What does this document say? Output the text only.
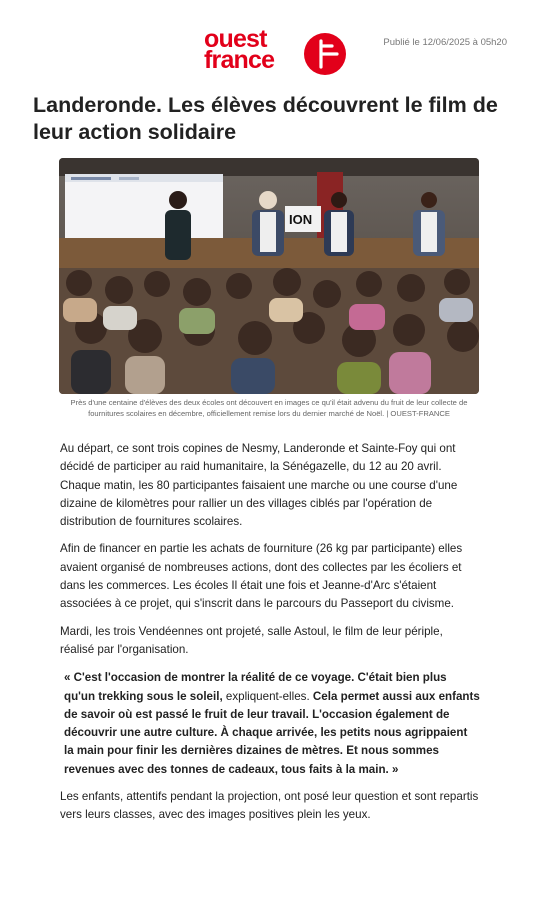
ouest
france
Publié le 12/06/2025 à 05h20
Landeronde. Les élèves découvrent le film de leur action solidaire
ION
Près d'une centaine d'élèves des deux écoles ont découvert en images ce qu'il était advenu du fruit de leur collecte de fournitures scolaires en décembre, officiellement remise lors du dernier marché de Noël. | OUEST-FRANCE

Au départ, ce sont trois copines de Nesmy, Landeronde et Sainte-Foy qui ont décidé de participer au raid humanitaire, la Sénégazelle, du 12 au 20 avril. Chaque matin, les 80 participantes faisaient une marche ou une course d'une dizaine de kilomètres pour rallier un des villages ciblés par l'opération de distribution de fournitures scolaires.

Afin de financer en partie les achats de fourniture (26 kg par participante) elles avaient organisé de nombreuses actions, dont des collectes par les écoliers et dans les commerces. Les écoles Il était une fois et Jeanne-d'Arc s'étaient associées à ce projet, qui s'inscrit dans le parcours du Passeport du civisme.

Mardi, les trois Vendéennes ont projeté, salle Astoul, le film de leur périple, réalisé par l'organisation.

« C'est l'occasion de montrer la réalité de ce voyage. C'était bien plus qu'un trekking sous le soleil, expliquent-elles. Cela permet aussi aux enfants de savoir où est passé le fruit de leur travail. L'occasion également de découvrir une autre culture. À chaque arrivée, les petits nous agrippaient la main pour finir les dernières dizaines de mètres. Et nous sommes revenues avec des tonnes de cadeaux, tous faits à la main. »

Les enfants, attentifs pendant la projection, ont posé leur question et sont repartis vers leurs classes, avec des images positives plein les yeux.
